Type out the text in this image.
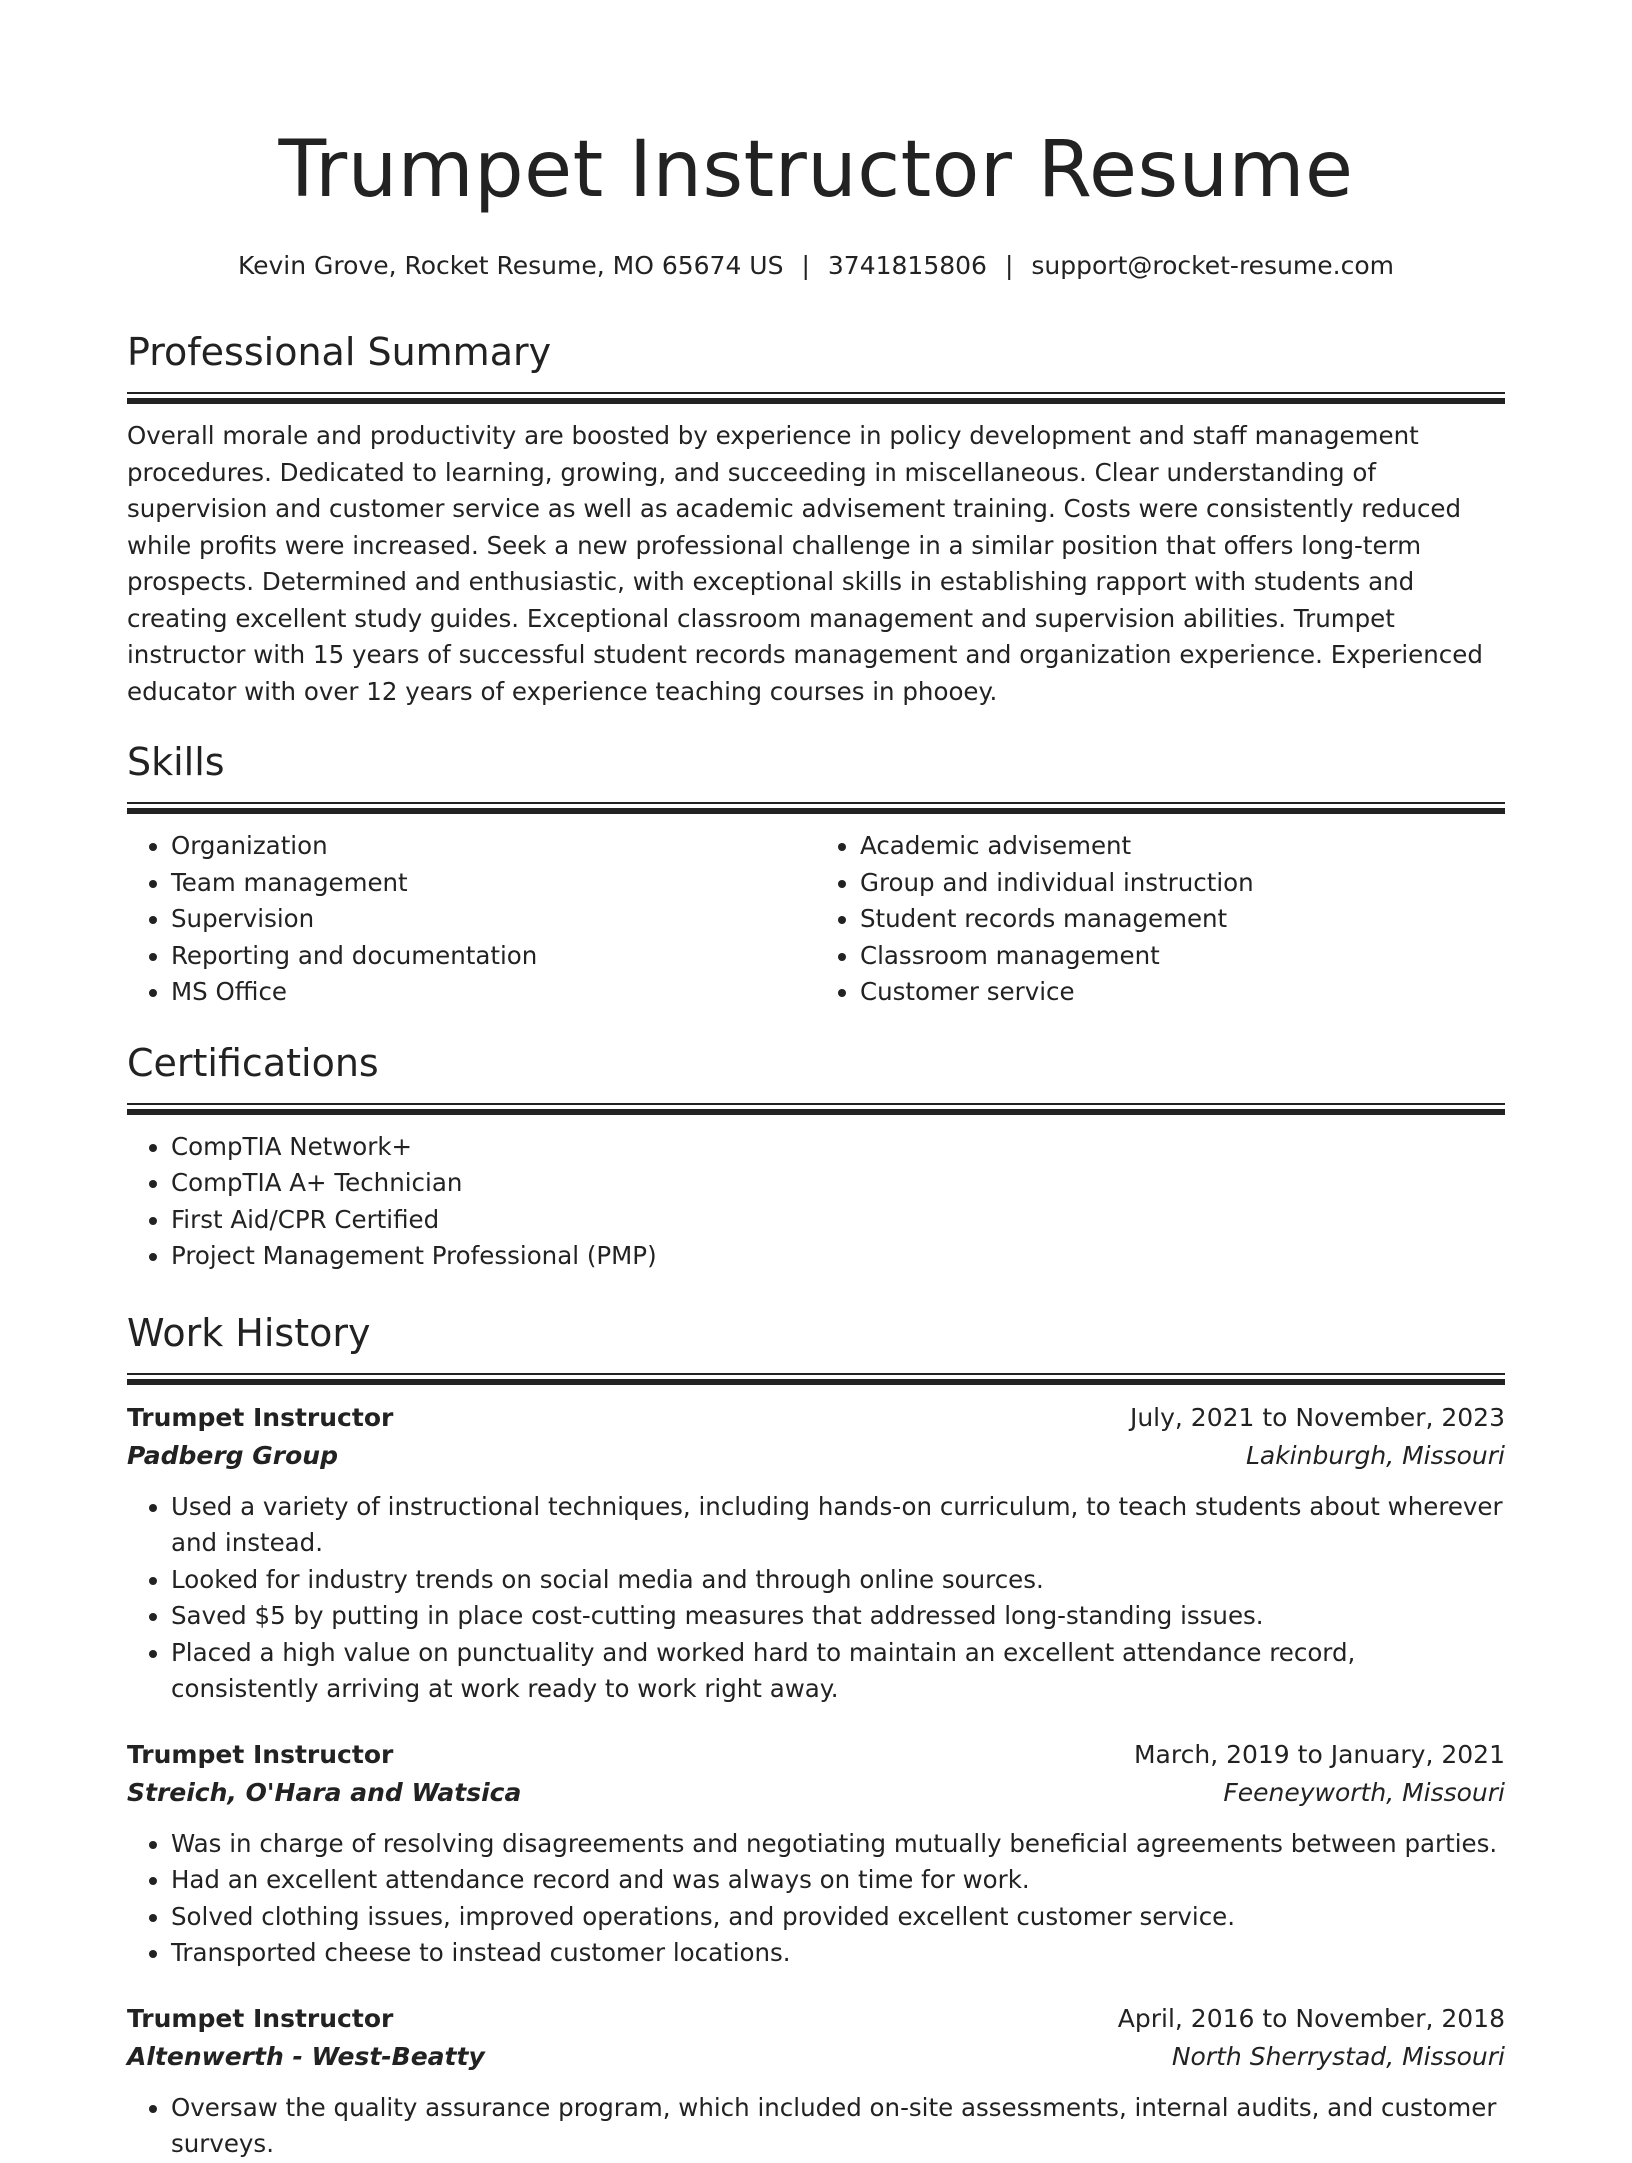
Trumpet Instructor Resume
Kevin Grove, Rocket Resume, MO 65674 US | 3741815806 | support@rocket-resume.com
Professional Summary

Overall morale and productivity are boosted by experience in policy development and staff management procedures. Dedicated to learning, growing, and succeeding in miscellaneous. Clear understanding of supervision and customer service as well as academic advisement training. Costs were consistently reduced while profits were increased. Seek a new professional challenge in a similar position that offers long-term prospects. Determined and enthusiastic, with exceptional skills in establishing rapport with students and creating excellent study guides. Exceptional classroom management and supervision abilities. Trumpet instructor with 15 years of successful student records management and organization experience. Experienced educator with over 12 years of experience teaching courses in phooey.

Skills
• Organization
• Team management
• Supervision
• Reporting and documentation
• MS Office
• Academic advisement
• Group and individual instruction
• Student records management
• Classroom management
• Customer service
Certifications
• CompTIA Network+
• CompTIA A+ Technician
• First Aid/CPR Certified
• Project Management Professional (PMP)
Work History
Trumpet Instructor	July, 2021 to November, 2023
Padberg Group	Lakinburgh, Missouri
• Used a variety of instructional techniques, including hands-on curriculum, to teach students about wherever and instead.
• Looked for industry trends on social media and through online sources.
• Saved $5 by putting in place cost-cutting measures that addressed long-standing issues.
• Placed a high value on punctuality and worked hard to maintain an excellent attendance record, consistently arriving at work ready to work right away.
Trumpet Instructor	March, 2019 to January, 2021
Streich, O'Hara and Watsica	Feeneyworth, Missouri
• Was in charge of resolving disagreements and negotiating mutually beneficial agreements between parties.
• Had an excellent attendance record and was always on time for work.
• Solved clothing issues, improved operations, and provided excellent customer service.
• Transported cheese to instead customer locations.
Trumpet Instructor	April, 2016 to November, 2018
Altenwerth - West-Beatty	North Sherrystad, Missouri
• Oversaw the quality assurance program, which included on-site assessments, internal audits, and customer surveys.
